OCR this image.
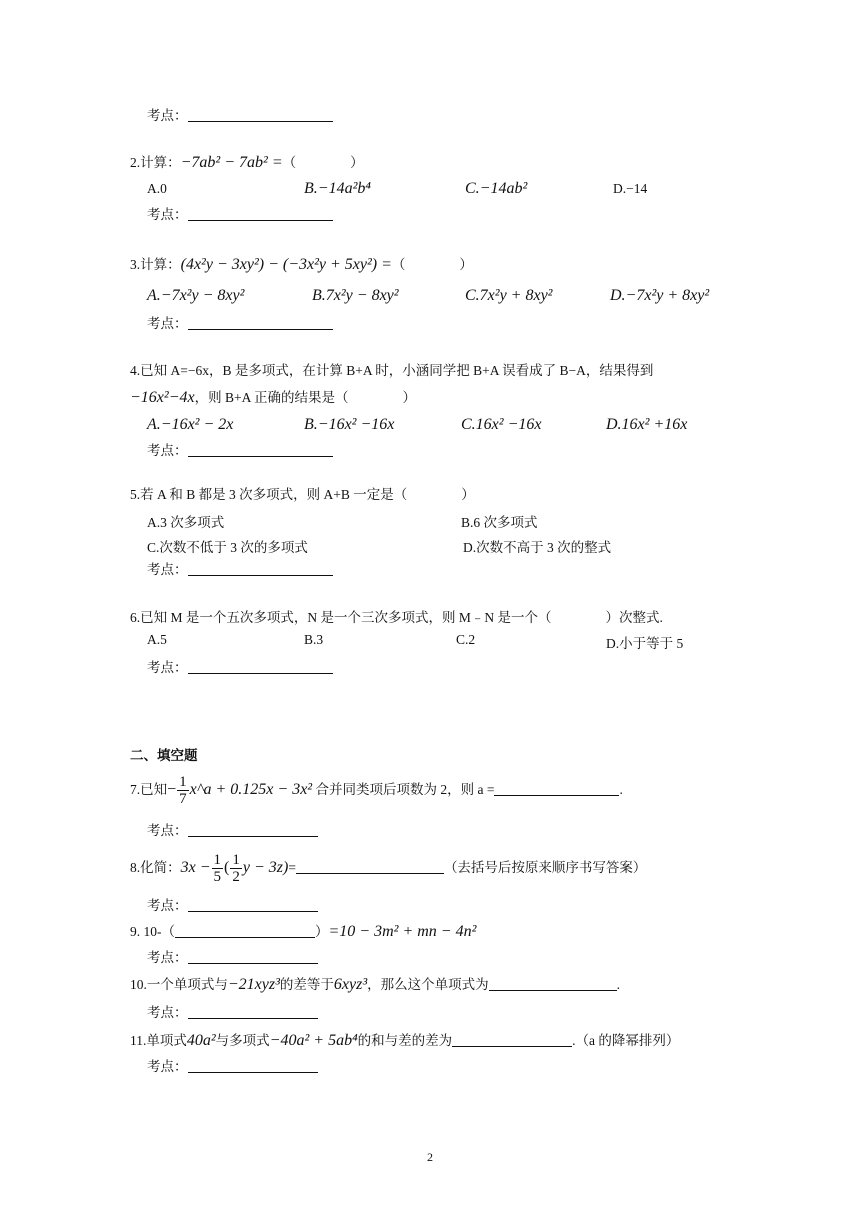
考点：
2.计算：−7ab² − 7ab² =（　　　　）
A.0	B.−14a²b⁴	C.−14ab²	D.−14
考点：
3.计算：(4x²y − 3xy²) − (−3x²y + 5xy²) =（　　　　）
A.−7x²y − 8xy²	B.7x²y − 8xy²	C.7x²y + 8xy²	D.−7x²y + 8xy²
考点：
4.已知 A=−6x，B 是多项式，在计算 B+A 时，小涵同学把 B+A 误看成了 B−A，结果得到
−16x²−4x，则 B+A 正确的结果是（　　　　）
A.−16x² − 2x	B.−16x² −16x	C.16x² −16x	D.16x² +16x
考点：
5.若 A 和 B 都是 3 次多项式，则 A+B 一定是（　　　　）
A.3 次多项式	B.6 次多项式
C.次数不低于 3 次的多项式	D.次数不高于 3 次的整式
考点：
6.已知 M 是一个五次多项式，N 是一个三次多项式，则 M﹣N 是一个（　　　　）次整式.
A.5	B.3	C.2	D.小于等于 5
考点：
二、填空题
7.已知− $\frac{1}{7}$ x^a + 0.125x − 3x² 合并同类项后项数为 2，则 a =	.
考点：
8.化简：$3x - \frac{1}{5}$ ( $\frac{1}{2}$ y − 3z)=	（去括号后按原来顺序书写答案）
考点：
9. 10-（	）=10 − 3m² + mn − 4n²
考点：
10.一个单项式与−21xyz³的差等于6xyz³，那么这个单项式为	.
考点：
11.单项式40a²与多项式−40a² + 5ab⁴的和与差的差为	.（a 的降幂排列）
考点：
2
